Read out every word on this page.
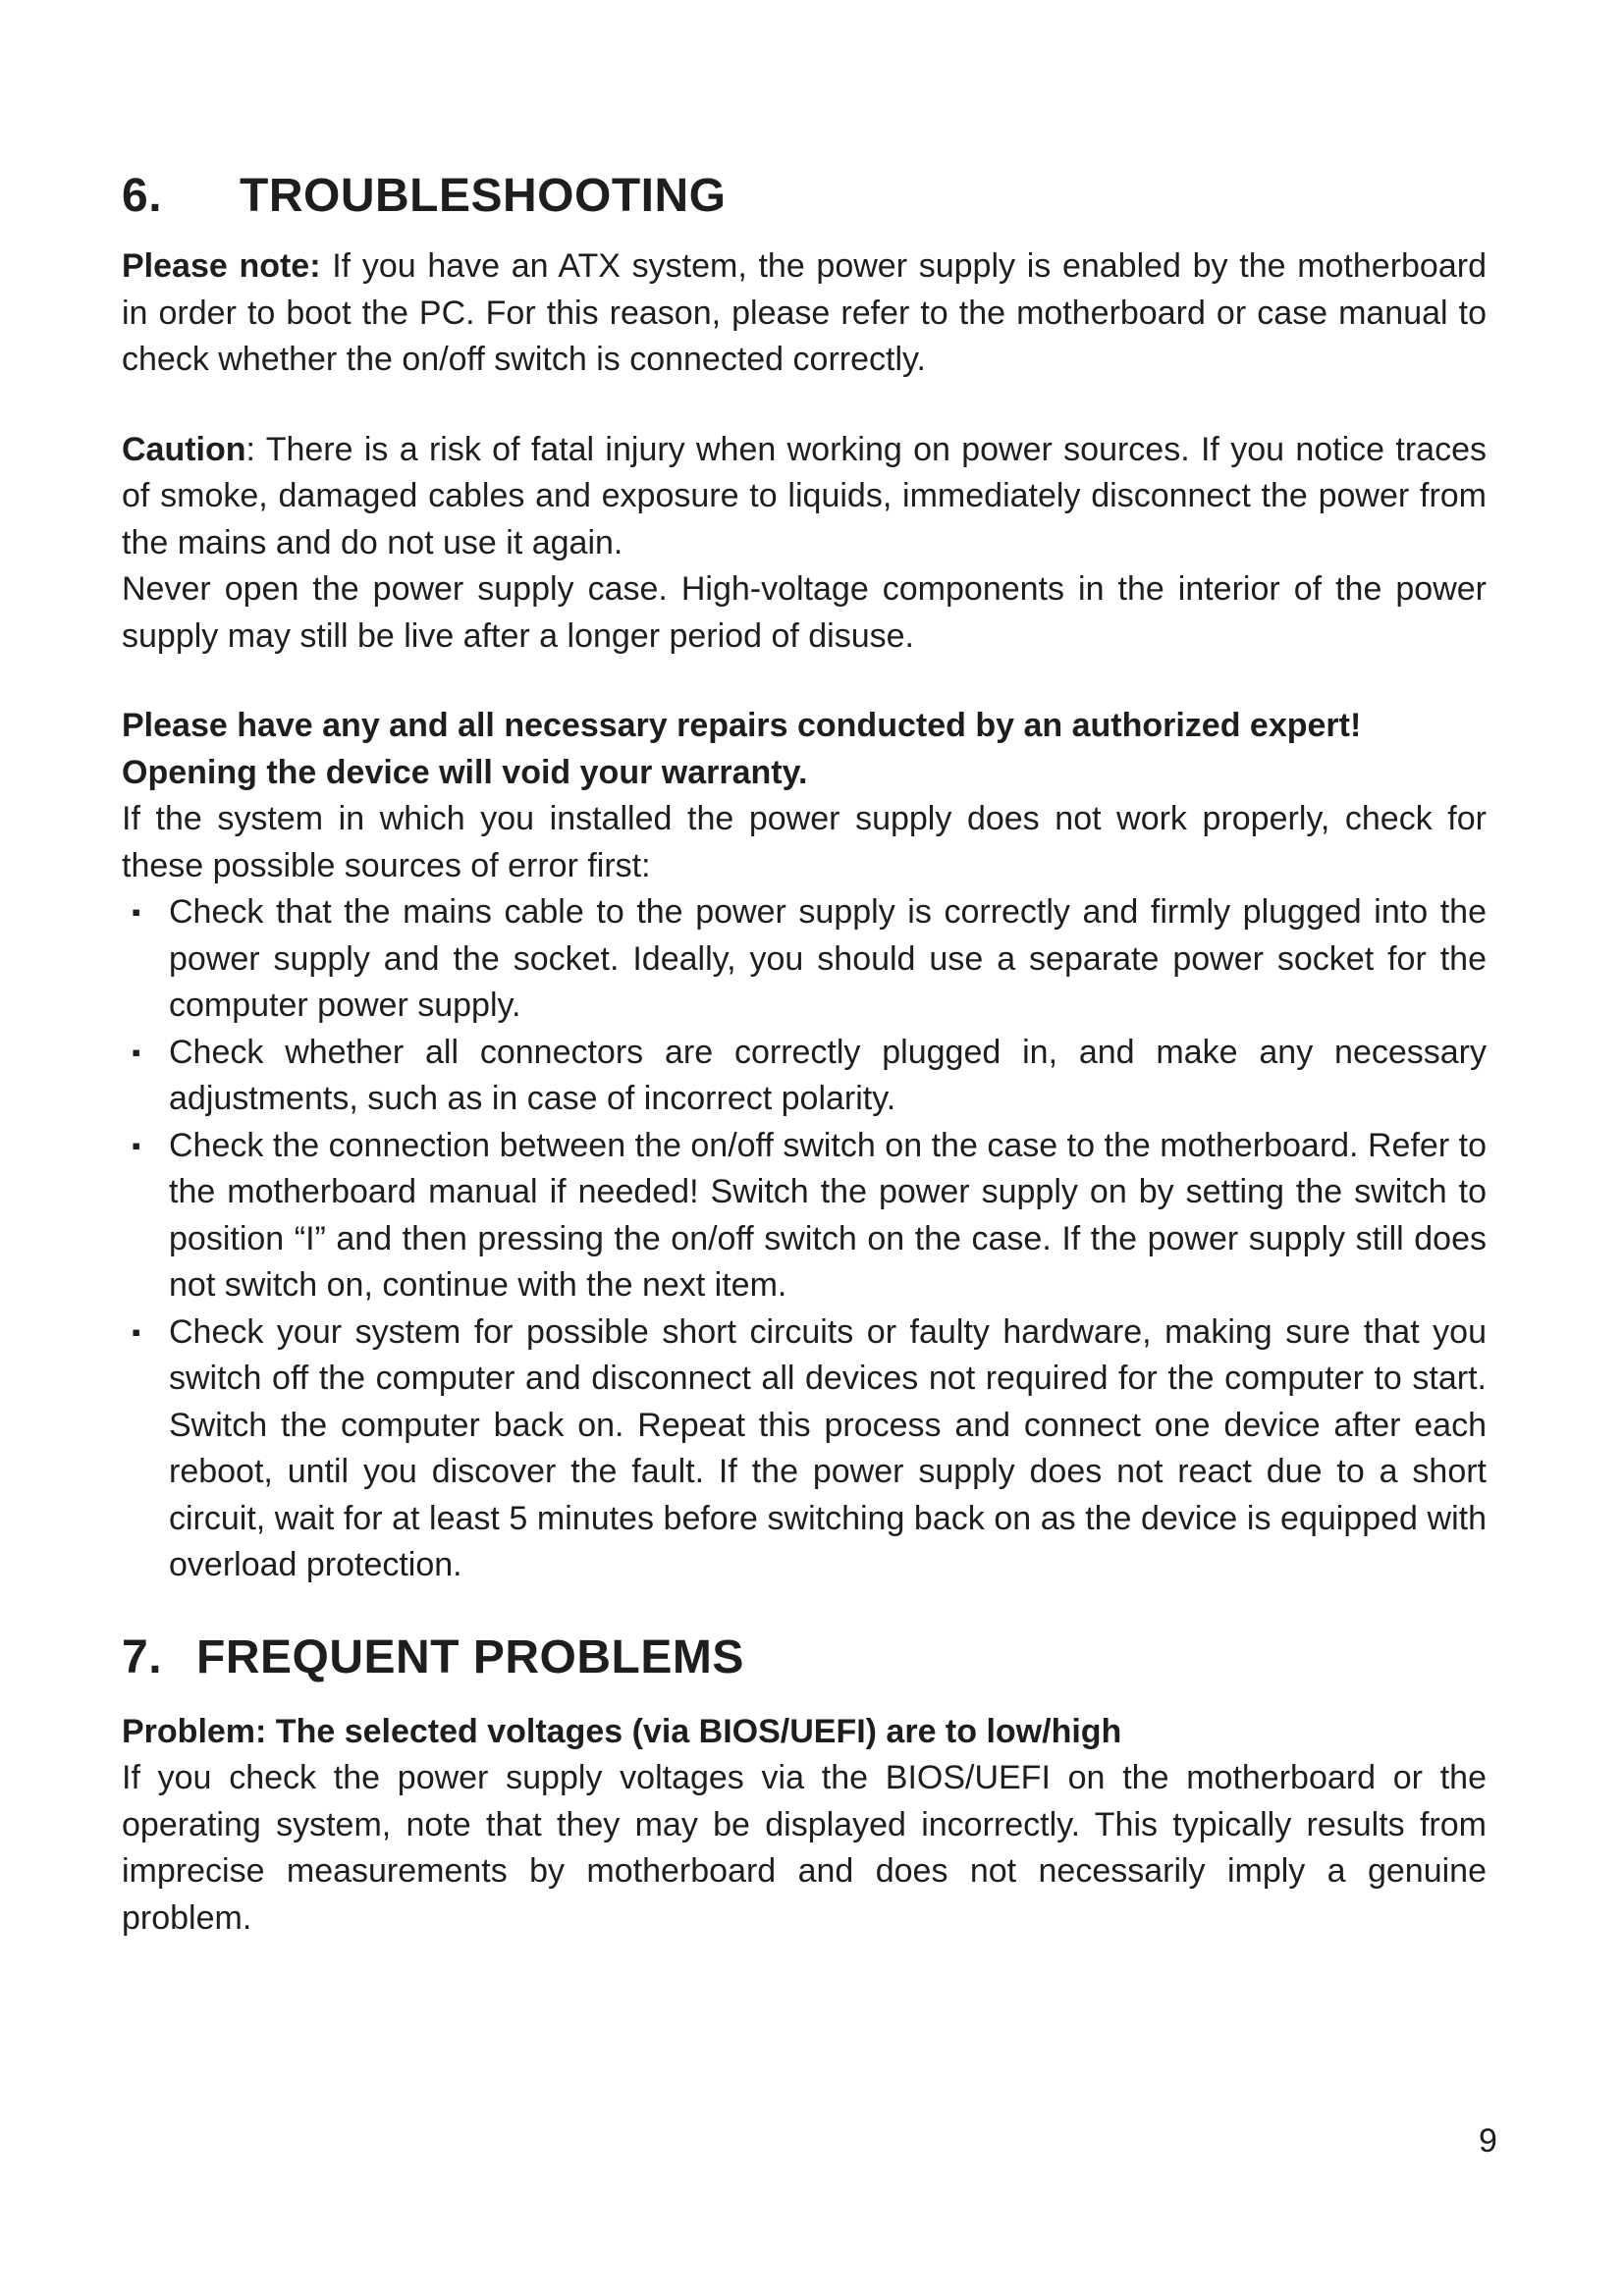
6.	TROUBLESHOOTING

Please note: If you have an ATX system, the power supply is enabled by the motherboard in order to boot the PC. For this reason, please refer to the motherboard or case manual to check whether the on/off switch is connected correctly.

Caution: There is a risk of fatal injury when working on power sources. If you notice traces of smoke, damaged cables and exposure to liquids, immediately disconnect the power from the mains and do not use it again.

Never open the power supply case. High-voltage components in the interior of the power supply may still be live after a longer period of disuse.

Please have any and all necessary repairs conducted by an authorized expert! Opening the device will void your warranty.

If the system in which you installed the power supply does not work properly, check for these possible sources of error first:

▪ Check that the mains cable to the power supply is correctly and firmly plugged into the power supply and the socket. Ideally, you should use a separate power socket for the computer power supply.
▪ Check whether all connectors are correctly plugged in, and make any necessary adjustments, such as in case of incorrect polarity.
▪ Check the connection between the on/off switch on the case to the motherboard. Refer to the motherboard manual if needed! Switch the power supply on by setting the switch to position “I” and then pressing the on/off switch on the case. If the power supply still does not switch on, continue with the next item.
▪ Check your system for possible short circuits or faulty hardware, making sure that you switch off the computer and disconnect all devices not required for the computer to start. Switch the computer back on. Repeat this process and connect one device after each reboot, until you discover the fault. If the power supply does not react due to a short circuit, wait for at least 5 minutes before switching back on as the device is equipped with overload protection.
7. FREQUENT PROBLEMS

Problem: The selected voltages (via BIOS/UEFI) are to low/high

If you check the power supply voltages via the BIOS/UEFI on the motherboard or the operating system, note that they may be displayed incorrectly. This typically results from imprecise measurements by motherboard and does not necessarily imply a genuine problem.

9
